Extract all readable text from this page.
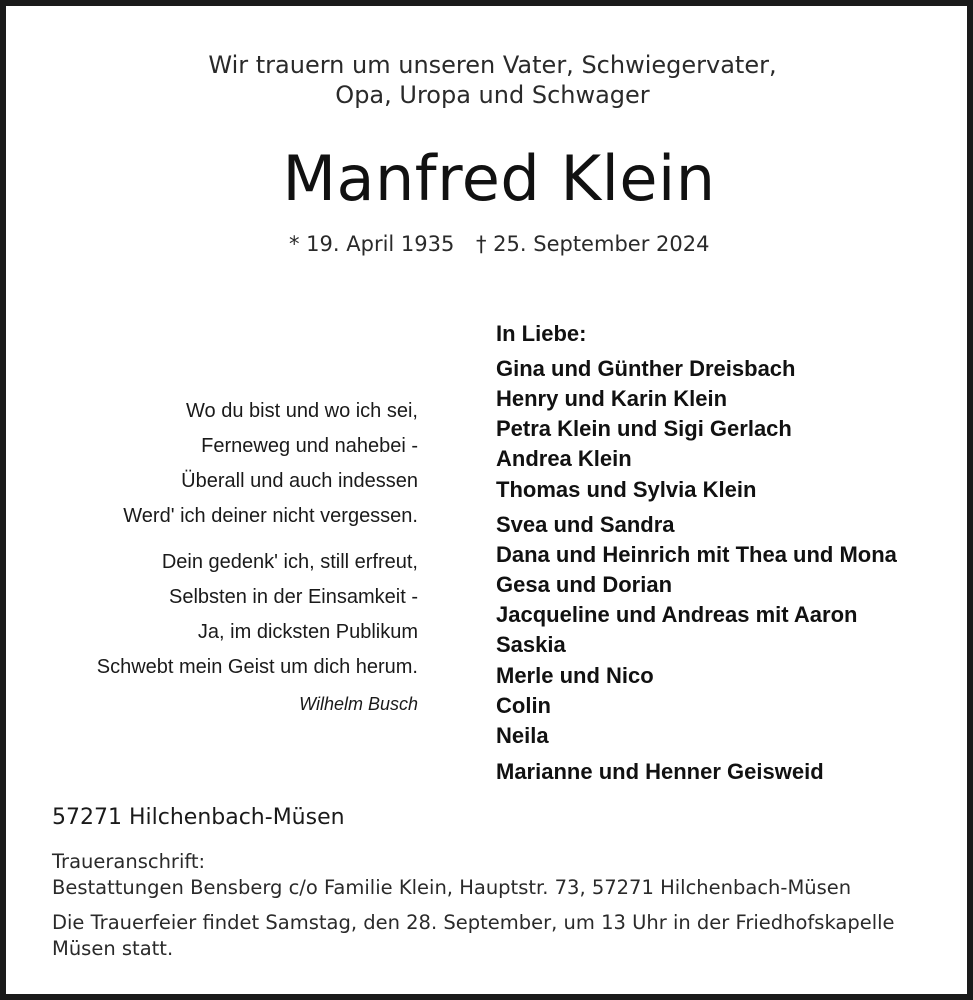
Wir trauern um unseren Vater, Schwiegervater,
Opa, Uropa und Schwager
Manfred Klein
* 19. April 1935 † 25. September 2024
Wo du bist und wo ich sei,
Ferneweg und nahebei -
Überall und auch indessen
Werd' ich deiner nicht vergessen.
Dein gedenk' ich, still erfreut,
Selbsten in der Einsamkeit -
Ja, im dicksten Publikum
Schwebt mein Geist um dich herum.
Wilhelm Busch
In Liebe:
Gina und Günther Dreisbach
Henry und Karin Klein
Petra Klein und Sigi Gerlach
Andrea Klein
Thomas und Sylvia Klein
Svea und Sandra
Dana und Heinrich mit Thea und Mona
Gesa und Dorian
Jacqueline und Andreas mit Aaron
Saskia
Merle und Nico
Colin
Neila
Marianne und Henner Geisweid
57271 Hilchenbach-Müsen
Traueranschrift:
Bestattungen Bensberg c/o Familie Klein, Hauptstr. 73, 57271 Hilchenbach-Müsen
Die Trauerfeier findet Samstag, den 28. September, um 13 Uhr in der Friedhofskapelle
Müsen statt.
